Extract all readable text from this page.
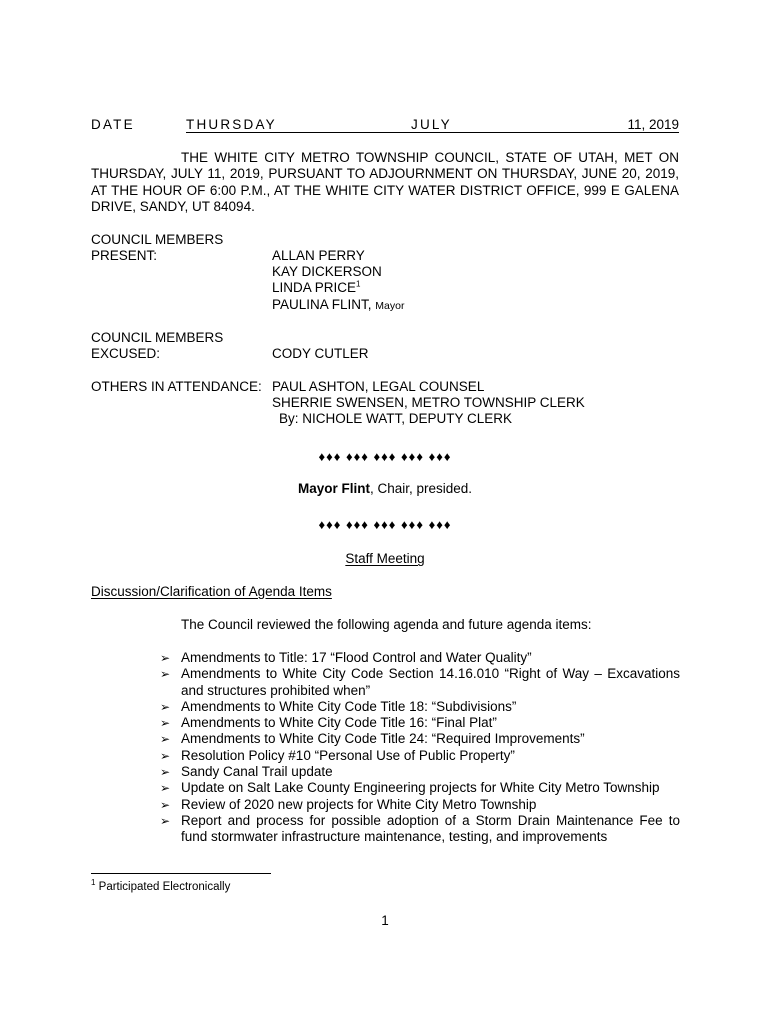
DATE	THURSDAY	JULY	11, 2019
THE WHITE CITY METRO TOWNSHIP COUNCIL, STATE OF UTAH, MET ON THURSDAY, JULY 11, 2019, PURSUANT TO ADJOURNMENT ON THURSDAY, JUNE 20, 2019, AT THE HOUR OF 6:00 P.M., AT THE WHITE CITY WATER DISTRICT OFFICE, 999 E GALENA DRIVE, SANDY, UT 84094.
COUNCIL MEMBERS
PRESENT:	ALLAN PERRY
KAY DICKERSON
LINDA PRICE$^1$
PAULINA FLINT, Mayor
COUNCIL MEMBERS
EXCUSED:	CODY CUTLER
OTHERS IN ATTENDANCE: PAUL ASHTON, LEGAL COUNSEL
SHERRIE SWENSEN, METRO TOWNSHIP CLERK
By: NICHOLE WATT, DEPUTY CLERK
♦♦♦ ♦♦♦ ♦♦♦ ♦♦♦ ♦♦♦
Mayor Flint, Chair, presided.
♦♦♦ ♦♦♦ ♦♦♦ ♦♦♦ ♦♦♦
Staff Meeting
Discussion/Clarification of Agenda Items
The Council reviewed the following agenda and future agenda items:
➢ Amendments to Title: 17 “Flood Control and Water Quality”
➢ Amendments to White City Code Section 14.16.010 “Right of Way – Excavations and structures prohibited when”
➢ Amendments to White City Code Title 18: “Subdivisions”
➢ Amendments to White City Code Title 16: “Final Plat”
➢ Amendments to White City Code Title 24: “Required Improvements”
➢ Resolution Policy #10 “Personal Use of Public Property”
➢ Sandy Canal Trail update
➢ Update on Salt Lake County Engineering projects for White City Metro Township
➢ Review of 2020 new projects for White City Metro Township
➢ Report and process for possible adoption of a Storm Drain Maintenance Fee to fund stormwater infrastructure maintenance, testing, and improvements
$^1$ Participated Electronically
1
